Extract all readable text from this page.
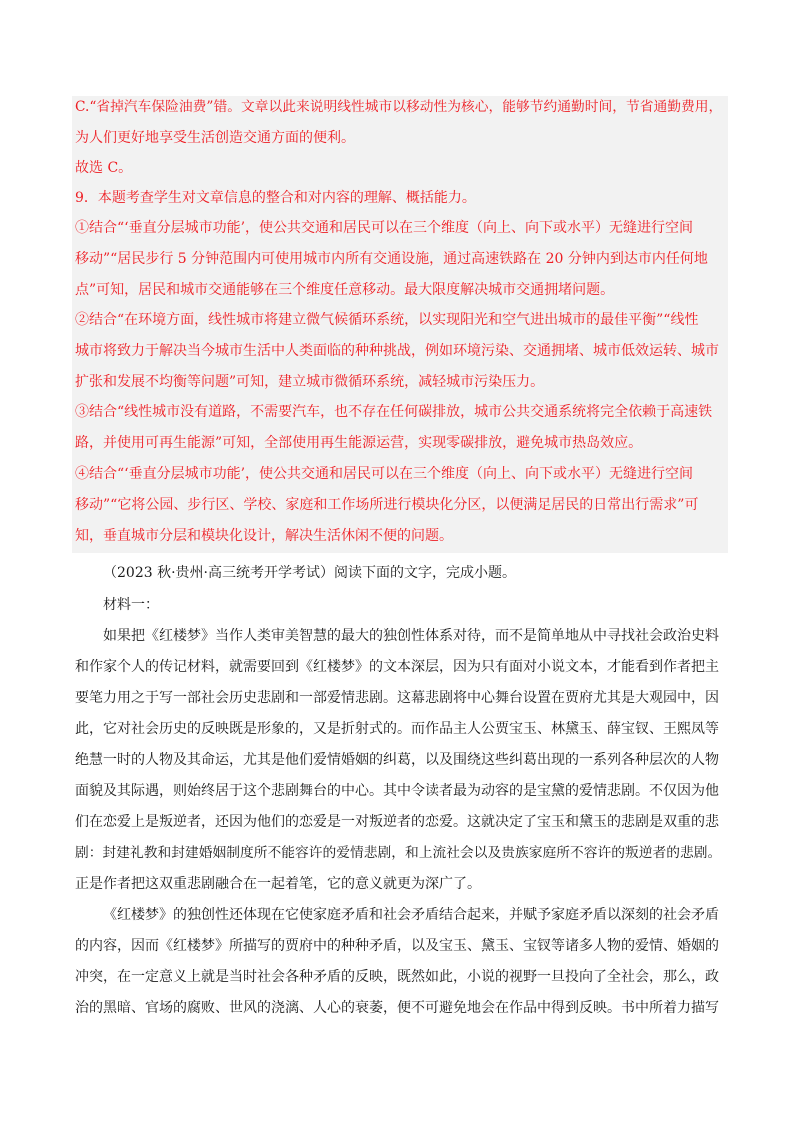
C.“省掉汽车保险油费”错。文章以此来说明线性城市以移动性为核心，能够节约通勤时间，节省通勤费用，
为人们更好地享受生活创造交通方面的便利。
故选 C。
9．本题考查学生对文章信息的整合和对内容的理解、概括能力。
①结合“‘垂直分层城市功能’，使公共交通和居民可以在三个维度（向上、向下或水平）无缝进行空间
移动”“居民步行 5 分钟范围内可使用城市内所有交通设施，通过高速铁路在 20 分钟内到达市内任何地
点”可知，居民和城市交通能够在三个维度任意移动。最大限度解决城市交通拥堵问题。
②结合“在环境方面，线性城市将建立微气候循环系统，以实现阳光和空气进出城市的最佳平衡”“线性
城市将致力于解决当今城市生活中人类面临的种种挑战，例如环境污染、交通拥堵、城市低效运转、城市
扩张和发展不均衡等问题”可知，建立城市微循环系统，减轻城市污染压力。
③结合“线性城市没有道路，不需要汽车，也不存在任何碳排放，城市公共交通系统将完全依赖于高速铁
路，并使用可再生能源”可知，全部使用再生能源运营，实现零碳排放，避免城市热岛效应。
④结合“‘垂直分层城市功能’，使公共交通和居民可以在三个维度（向上、向下或水平）无缝进行空间
移动”“它将公园、步行区、学校、家庭和工作场所进行模块化分区，以便满足居民的日常出行需求”可
知，垂直城市分层和模块化设计，解决生活休闲不便的问题。
（2023 秋·贵州·高三统考开学考试）阅读下面的文字，完成小题。
材料一：
如果把《红楼梦》当作人类审美智慧的最大的独创性体系对待，而不是简单地从中寻找社会政治史料
和作家个人的传记材料，就需要回到《红楼梦》的文本深层，因为只有面对小说文本，才能看到作者把主
要笔力用之于写一部社会历史悲剧和一部爱情悲剧。这幕悲剧将中心舞台设置在贾府尤其是大观园中，因
此，它对社会历史的反映既是形象的，又是折射式的。而作品主人公贾宝玉、林黛玉、薛宝钗、王熙凤等
绝慧一时的人物及其命运，尤其是他们爱情婚姻的纠葛，以及围绕这些纠葛出现的一系列各种层次的人物
面貌及其际遇，则始终居于这个悲剧舞台的中心。其中令读者最为动容的是宝黛的爱情悲剧。不仅因为他
们在恋爱上是叛逆者，还因为他们的恋爱是一对叛逆者的恋爱。这就决定了宝玉和黛玉的悲剧是双重的悲
剧：封建礼教和封建婚姻制度所不能容许的爱情悲剧，和上流社会以及贵族家庭所不容许的叛逆者的悲剧。
正是作者把这双重悲剧融合在一起着笔，它的意义就更为深广了。
《红楼梦》的独创性还体现在它使家庭矛盾和社会矛盾结合起来，并赋予家庭矛盾以深刻的社会矛盾
的内容，因而《红楼梦》所描写的贾府中的种种矛盾，以及宝玉、黛玉、宝钗等诸多人物的爱情、婚姻的
冲突，在一定意义上就是当时社会各种矛盾的反映，既然如此，小说的视野一旦投向了全社会，那么，政
治的黑暗、官场的腐败、世风的浇漓、人心的衰萎，便不可避免地会在作品中得到反映。书中所着力描写
